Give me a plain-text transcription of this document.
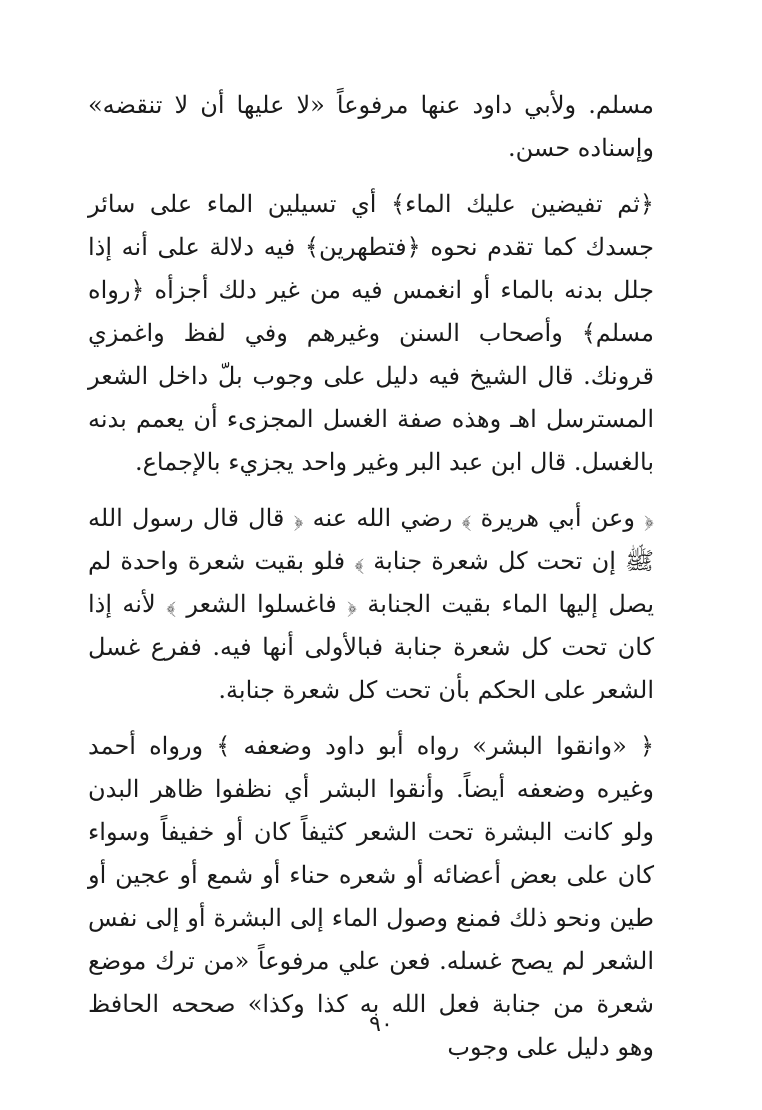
مسلم. ولأبي داود عنها مرفوعاً «لا عليها أن لا تنقضه» وإسناده حسن.

﴿ثم تفيضين عليك الماء﴾ أي تسيلين الماء على سائر جسدك كما تقدم نحوه ﴿فتطهرين﴾ فيه دلالة على أنه إذا جلل بدنه بالماء أو انغمس فيه من غير دلك أجزأه ﴿رواه مسلم﴾ وأصحاب السنن وغيرهم وفي لفظ واغمزي قرونك. قال الشيخ فيه دليل على وجوب بلّ داخل الشعر المسترسل اهـ وهذه صفة الغسل المجزىء أن يعمم بدنه بالغسل. قال ابن عبد البر وغير واحد يجزيء بالإجماع.

﴿ وعن أبي هريرة ﴾ رضي الله عنه ﴿ قال قال رسول الله ﷺ إن تحت كل شعرة جنابة ﴾ فلو بقيت شعرة واحدة لم يصل إليها الماء بقيت الجنابة ﴿ فاغسلوا الشعر ﴾ لأنه إذا كان تحت كل شعرة جنابة فبالأولى أنها فيه. ففرع غسل الشعر على الحكم بأن تحت كل شعرة جنابة.

﴿ «وانقوا البشر» رواه أبو داود وضعفه ﴾ ورواه أحمد وغيره وضعفه أيضاً. وأنقوا البشر أي نظفوا ظاهر البدن ولو كانت البشرة تحت الشعر كثيفاً كان أو خفيفاً وسواء كان على بعض أعضائه أو شعره حناء أو شمع أو عجين أو طين ونحو ذلك فمنع وصول الماء إلى البشرة أو إلى نفس الشعر لم يصح غسله. فعن علي مرفوعاً «من ترك موضع شعرة من جنابة فعل الله به كذا وكذا» صححه الحافظ وهو دليل على وجوب

٩٠
